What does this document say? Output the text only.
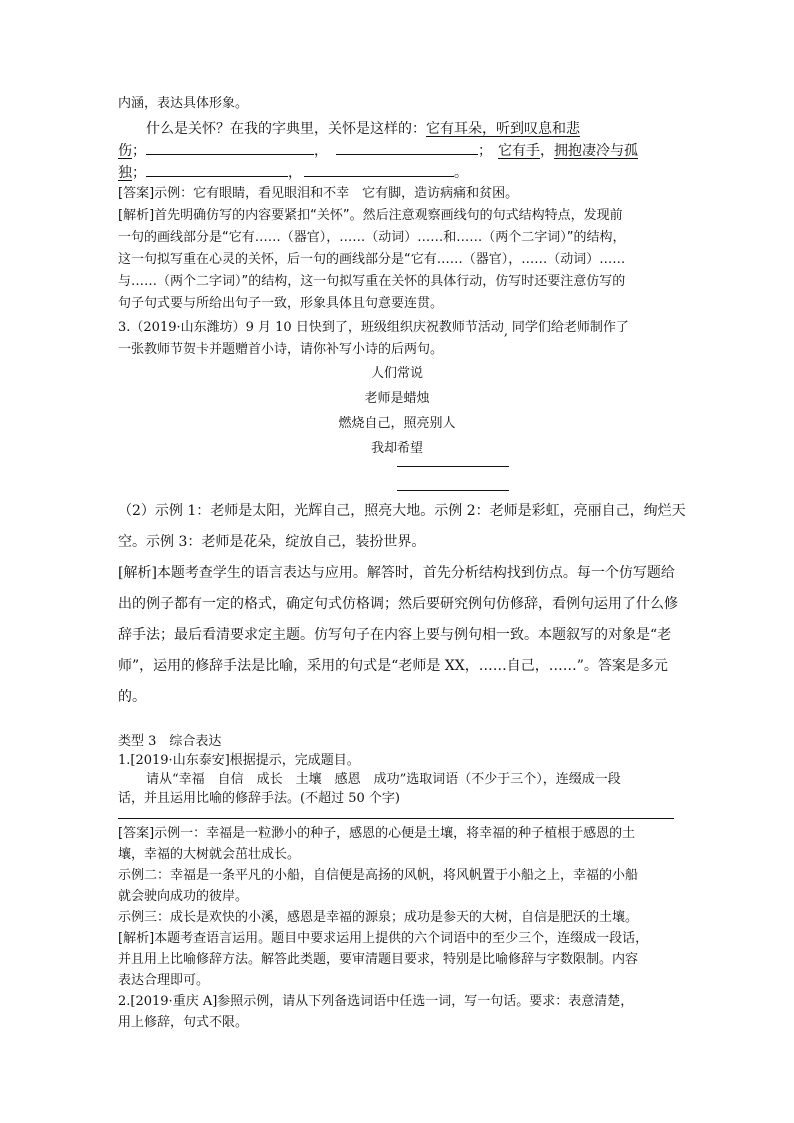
内涵，表达具体形象。
什么是关怀？在我的字典里，关怀是这样的：它有耳朵，听到叹息和悲
伤；	，	； 它有手，拥抱凄冷与孤
独；	，	。
[答案]示例：它有眼睛，看见眼泪和不幸　它有脚，造访病痛和贫困。
[解析]首先明确仿写的内容要紧扣“关怀”。然后注意观察画线句的句式结构特点，发现前
一句的画线部分是“它有……（器官），……（动词）……和……（两个二字词）”的结构，
这一句拟写重在心灵的关怀，后一句的画线部分是“它有……（器官），……（动词）……
与……（两个二字词）”的结构，这一句拟写重在关怀的具体行动，仿写时还要注意仿写的
句子句式要与所给出句子一致，形象具体且句意要连贯。
3.（2019·山东潍坊）9 月 10 日快到了，班级组织庆祝教师节活动, 同学们给老师制作了
一张教师节贺卡并题赠首小诗，请你补写小诗的后两句。
人们常说
老师是蜡烛
燃烧自己，照亮别人
我却希望
（2）示例 1：老师是太阳，光辉自己，照亮大地。示例 2：老师是彩虹，亮丽自己，绚烂天
空。示例 3：老师是花朵，绽放自己，装扮世界。
[解析]本题考查学生的语言表达与应用。解答时，首先分析结构找到仿点。每一个仿写题给
出的例子都有一定的格式，确定句式仿格调；然后要研究例句仿修辞，看例句运用了什么修
辞手法；最后看清要求定主题。仿写句子在内容上要与例句相一致。本题叙写的对象是“老
师”，运用的修辞手法是比喻，采用的句式是“老师是 XX，……自己，……”。答案是多元
的。
类型 3　综合表达
1.[2019·山东泰安]根据提示，完成题目。
请从“幸福　自信　成长　土壤　感恩　成功”选取词语（不少于三个），连缀成一段
话，并且运用比喻的修辞手法。(不超过 50 个字)
[答案]示例一：幸福是一粒渺小的种子，感恩的心便是土壤，将幸福的种子植根于感恩的土
壤，幸福的大树就会茁壮成长。
示例二：幸福是一条平凡的小船，自信便是高扬的风帆，将风帆置于小船之上，幸福的小船
就会驶向成功的彼岸。
示例三：成长是欢快的小溪，感恩是幸福的源泉；成功是参天的大树，自信是肥沃的土壤。
[解析]本题考查语言运用。题目中要求运用上提供的六个词语中的至少三个，连缀成一段话，
并且用上比喻修辞方法。解答此类题，要审清题目要求，特别是比喻修辞与字数限制。内容
表达合理即可。
2.[2019·重庆 A]参照示例，请从下列备选词语中任选一词，写一句话。要求：表意清楚，
用上修辞，句式不限。
